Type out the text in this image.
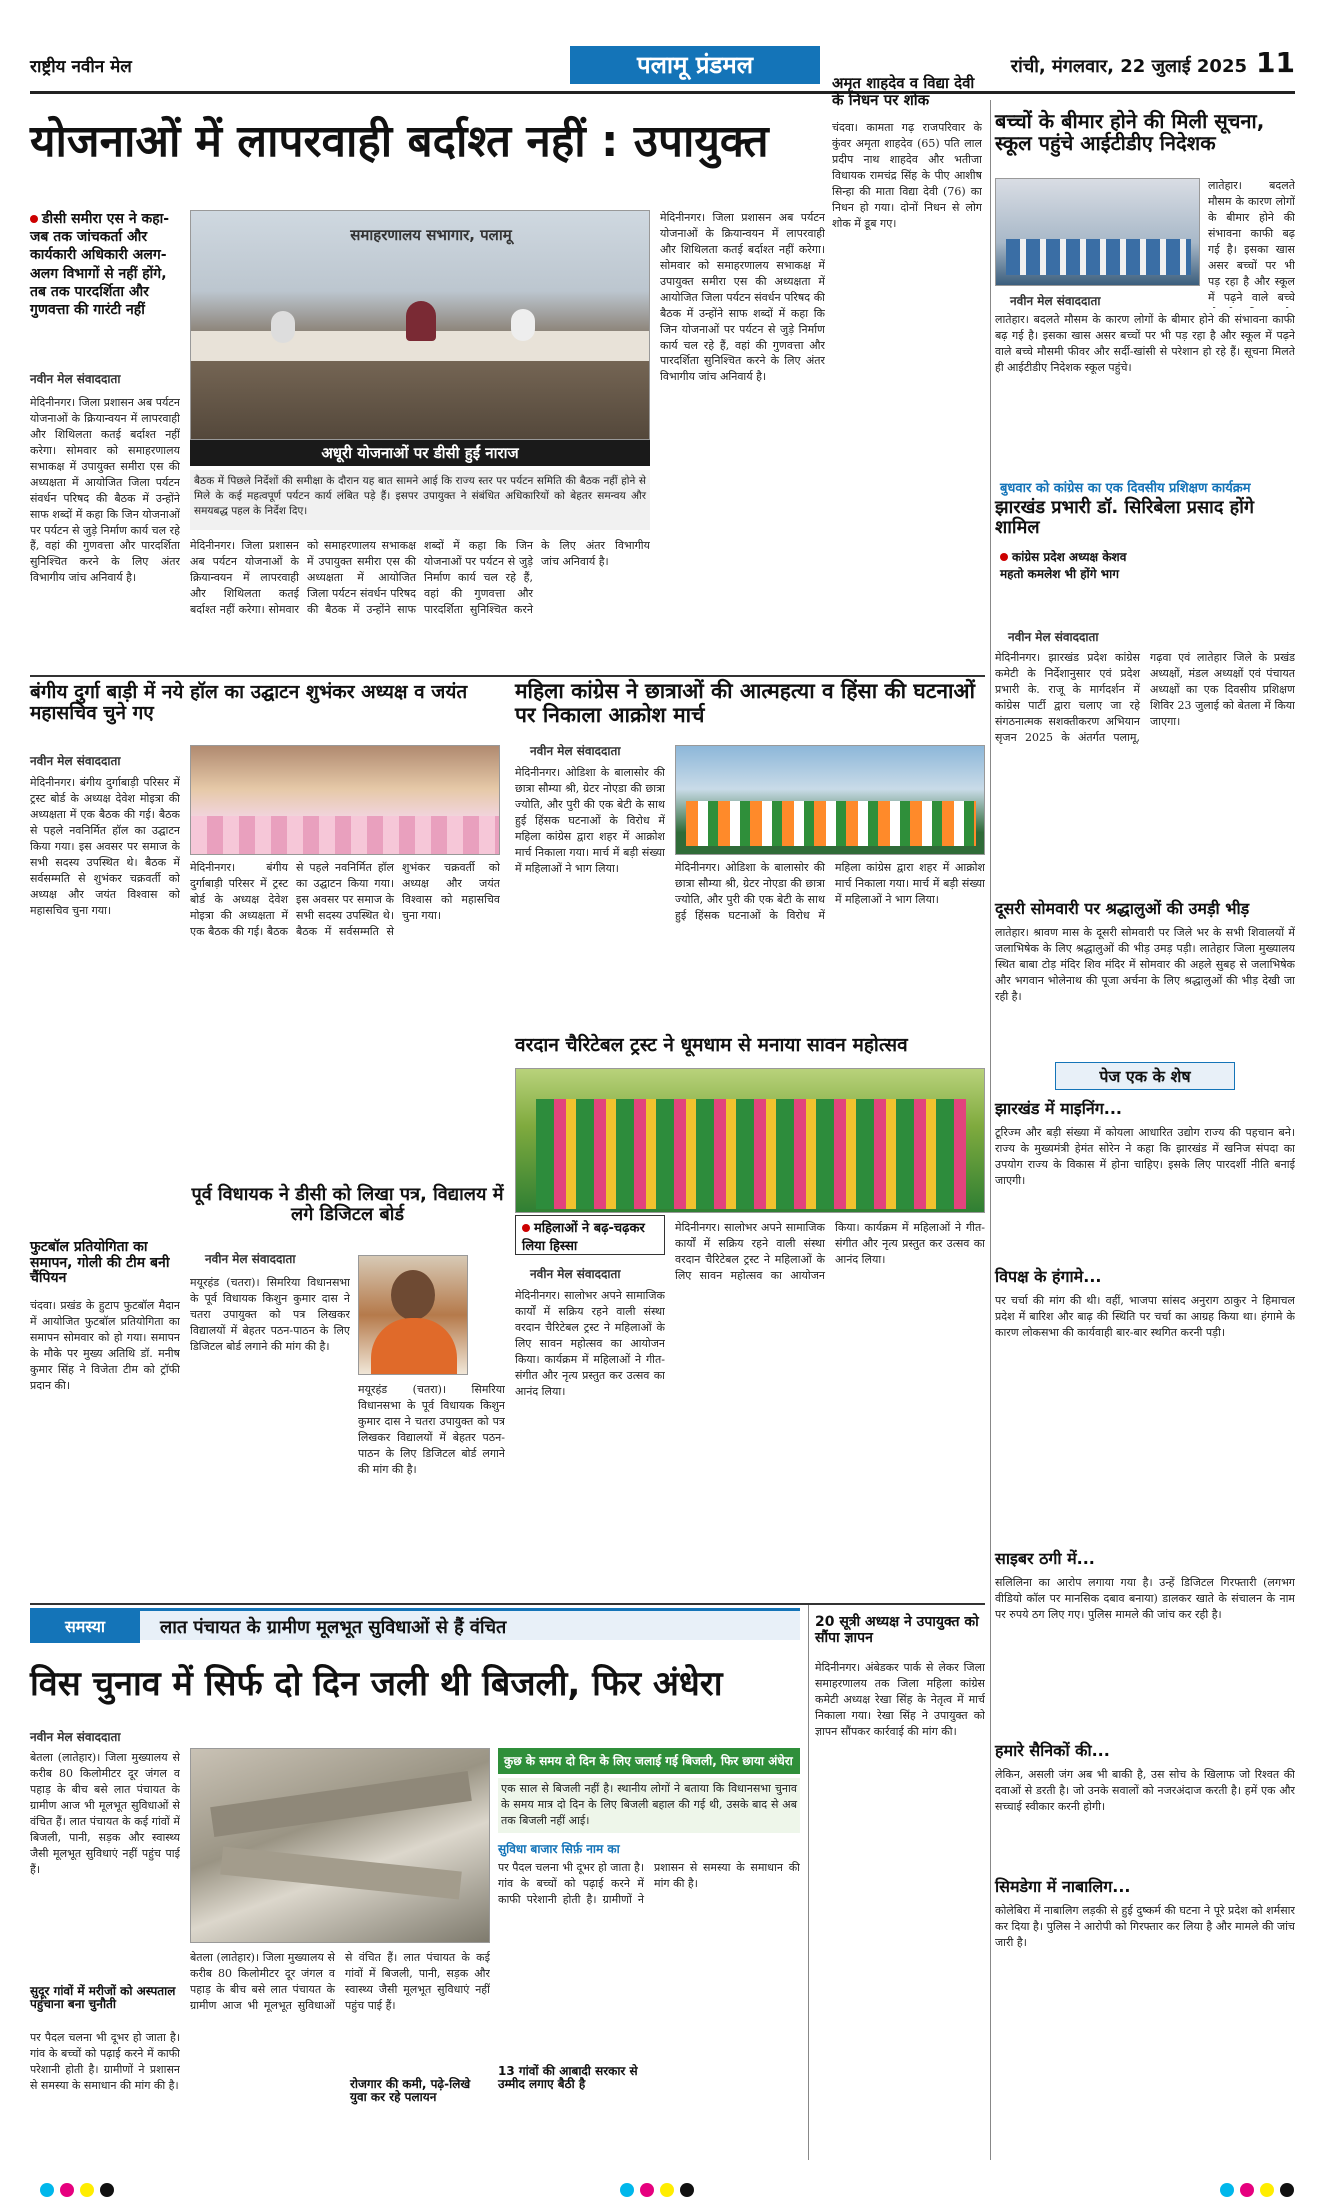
राष्ट्रीय नवीन मेल	पलामू प्रंडमल	रांची, मंगलवार, 22 जुलाई 2025 11
योजनाओं में लापरवाही बर्दाश्त नहीं : उपायुक्त
डीसी समीरा एस ने कहा- जब तक जांचकर्ता और कार्यकारी अधिकारी अलग-अलग विभागों से नहीं होंगे, तब तक पारदर्शिता और गुणवत्ता की गारंटी नहीं
नवीन मेल संवाददाता
मेदिनीनगर। जिला प्रशासन अब पर्यटन योजनाओं के क्रियान्वयन में लापरवाही और शिथिलता कतई बर्दाश्त नहीं करेगा। सोमवार को समाहरणालय सभाकक्ष में उपायुक्त समीरा एस की अध्यक्षता में आयोजित जिला पर्यटन संवर्धन परिषद की बैठक में उन्होंने साफ शब्दों में कहा कि जिन योजनाओं पर पर्यटन से जुड़े निर्माण कार्य चल रहे हैं, वहां की गुणवत्ता और पारदर्शिता सुनिश्चित करने के लिए अंतर विभागीय जांच अनिवार्य है।
समाहरणालय सभागार, पलामू
अधूरी योजनाओं पर डीसी हुईं नाराज
बैठक में पिछले निर्देशों की समीक्षा के दौरान यह बात सामने आई कि राज्य स्तर पर पर्यटन समिति की बैठक नहीं होने से मिले के कई महत्वपूर्ण पर्यटन कार्य लंबित पड़े हैं। इसपर उपायुक्त ने संबंधित अधिकारियों को बेहतर समन्वय और समयबद्ध पहल के निर्देश दिए।
मेदिनीनगर। जिला प्रशासन अब पर्यटन योजनाओं के क्रियान्वयन में लापरवाही और शिथिलता कतई बर्दाश्त नहीं करेगा। सोमवार को समाहरणालय सभाकक्ष में उपायुक्त समीरा एस की अध्यक्षता में आयोजित जिला पर्यटन संवर्धन परिषद की बैठक में उन्होंने साफ शब्दों में कहा कि जिन योजनाओं पर पर्यटन से जुड़े निर्माण कार्य चल रहे हैं, वहां की गुणवत्ता और पारदर्शिता सुनिश्चित करने के लिए अंतर विभागीय जांच अनिवार्य है।
अमृत शाहदेव व विद्या देवी के निधन पर शोक
चंदवा। कामता गढ़ राजपरिवार के कुंवर अमृता शाहदेव (65) पति लाल प्रदीप नाथ शाहदेव और भतीजा विधायक रामचंद्र सिंह के पीए आशीष सिन्हा की माता विद्या देवी (76) का निधन हो गया। दोनों निधन से लोग शोक में डूब गए।
मेदिनीनगर। जिला प्रशासन अब पर्यटन योजनाओं के क्रियान्वयन में लापरवाही और शिथिलता कतई बर्दाश्त नहीं करेगा। सोमवार को समाहरणालय सभाकक्ष में उपायुक्त समीरा एस की अध्यक्षता में आयोजित जिला पर्यटन संवर्धन परिषद की बैठक में उन्होंने साफ शब्दों में कहा कि जिन योजनाओं पर पर्यटन से जुड़े निर्माण कार्य चल रहे हैं, वहां की गुणवत्ता और पारदर्शिता सुनिश्चित करने के लिए अंतर विभागीय जांच अनिवार्य है।
बच्चों के बीमार होने की मिली सूचना, स्कूल पहुंचे आईटीडीए निदेशक
नवीन मेल संवाददाता
लातेहार। बदलते मौसम के कारण लोगों के बीमार होने की संभावना काफी बढ़ गई है। इसका खास असर बच्चों पर भी पड़ रहा है और स्कूल में पढ़ने वाले बच्चे मौसमी फीवर और सर्दी-खांसी से परेशान हो रहे हैं। सूचना मिलते ही आईटीडीए निदेशक स्कूल पहुंचे।
लातेहार। बदलते मौसम के कारण लोगों के बीमार होने की संभावना काफी बढ़ गई है। इसका खास असर बच्चों पर भी पड़ रहा है और स्कूल में पढ़ने वाले बच्चे
बुधवार को कांग्रेस का एक दिवसीय प्रशिक्षण कार्यक्रम
झारखंड प्रभारी डॉ. सिरिबेला प्रसाद होंगे शामिल
कांग्रेस प्रदेश अध्यक्ष केशव महतो कमलेश भी होंगे भाग
नवीन मेल संवाददाता
मेदिनीनगर। झारखंड प्रदेश कांग्रेस कमेटी के निर्देशानुसार एवं प्रदेश प्रभारी के. राजू के मार्गदर्शन में कांग्रेस पार्टी द्वारा चलाए जा रहे संगठनात्मक सशक्तीकरण अभियान सृजन 2025 के अंतर्गत पलामू, गढ़वा एवं लातेहार जिले के प्रखंड अध्यक्षों, मंडल अध्यक्षों एवं पंचायत अध्यक्षों का एक दिवसीय प्रशिक्षण शिविर 23 जुलाई को बेतला में किया जाएगा।
दूसरी सोमवारी पर श्रद्धालुओं की उमड़ी भीड़
लातेहार। श्रावण मास के दूसरी सोमवारी पर जिले भर के सभी शिवालयों में जलाभिषेक के लिए श्रद्धालुओं की भीड़ उमड़ पड़ी। लातेहार जिला मुख्यालय स्थित बाबा टोड़ मंदिर शिव मंदिर में सोमवार की अहले सुबह से जलाभिषेक और भगवान भोलेनाथ की पूजा अर्चना के लिए श्रद्धालुओं की भीड़ देखी जा रही है।
पेज एक के शेष
झारखंड में माइनिंग...
टूरिज्म और बड़ी संख्या में कोयला आधारित उद्योग राज्य की पहचान बने। राज्य के मुख्यमंत्री हेमंत सोरेन ने कहा कि झारखंड में खनिज संपदा का उपयोग राज्य के विकास में होना चाहिए। इसके लिए पारदर्शी नीति बनाई जाएगी।
विपक्ष के हंगामे...
पर चर्चा की मांग की थी। वहीं, भाजपा सांसद अनुराग ठाकुर ने हिमाचल प्रदेश में बारिश और बाढ़ की स्थिति पर चर्चा का आग्रह किया था। हंगामे के कारण लोकसभा की कार्यवाही बार-बार स्थगित करनी पड़ी।
साइबर ठगी में...
सलिलिना का आरोप लगाया गया है। उन्हें डिजिटल गिरफ्तारी (लगभग वीडियो कॉल पर मानसिक दबाव बनाया) डालकर खाते के संचालन के नाम पर रुपये ठग लिए गए। पुलिस मामले की जांच कर रही है।
हमारे सैनिकों की...
लेकिन, असली जंग अब भी बाकी है, उस सोच के खिलाफ जो रिश्वत की दवाओं से डरती है। जो उनके सवालों को नजरअंदाज करती है। हमें एक और सच्चाई स्वीकार करनी होगी।
सिमडेगा में नाबालिग...
कोलेबिरा में नाबालिग लड़की से हुई दुष्कर्म की घटना ने पूरे प्रदेश को शर्मसार कर दिया है। पुलिस ने आरोपी को गिरफ्तार कर लिया है और मामले की जांच जारी है।
बंगीय दुर्गा बाड़ी में नये हॉल का उद्घाटन शुभंकर अध्यक्ष व जयंत महासचिव चुने गए
नवीन मेल संवाददाता
मेदिनीनगर। बंगीय दुर्गाबाड़ी परिसर में ट्रस्ट बोर्ड के अध्यक्ष देवेश मोइत्रा की अध्यक्षता में एक बैठक की गई। बैठक से पहले नवनिर्मित हॉल का उद्घाटन किया गया। इस अवसर पर समाज के सभी सदस्य उपस्थित थे। बैठक में सर्वसम्मति से शुभंकर चक्रवर्ती को अध्यक्ष और जयंत विश्वास को महासचिव चुना गया।
मेदिनीनगर। बंगीय दुर्गाबाड़ी परिसर में ट्रस्ट बोर्ड के अध्यक्ष देवेश मोइत्रा की अध्यक्षता में एक बैठक की गई। बैठक से पहले नवनिर्मित हॉल का उद्घाटन किया गया। इस अवसर पर समाज के सभी सदस्य उपस्थित थे। बैठक में सर्वसम्मति से शुभंकर चक्रवर्ती को अध्यक्ष और जयंत विश्वास को महासचिव चुना गया।
महिला कांग्रेस ने छात्राओं की आत्महत्या व हिंसा की घटनाओं पर निकाला आक्रोश मार्च
नवीन मेल संवाददाता
मेदिनीनगर। ओडिशा के बालासोर की छात्रा सौम्या श्री, ग्रेटर नोएडा की छात्रा ज्योति, और पुरी की एक बेटी के साथ हुई हिंसक घटनाओं के विरोध में महिला कांग्रेस द्वारा शहर में आक्रोश मार्च निकाला गया। मार्च में बड़ी संख्या में महिलाओं ने भाग लिया।	मेदिनीनगर। ओडिशा के बालासोर की छात्रा सौम्या श्री, ग्रेटर नोएडा की छात्रा ज्योति, और पुरी की एक बेटी के साथ हुई हिंसक घटनाओं के विरोध में महिला कांग्रेस द्वारा शहर में आक्रोश मार्च निकाला गया। मार्च में बड़ी संख्या में महिलाओं ने भाग लिया।
फुटबॉल प्रतियोगिता का समापन, गोली की टीम बनी चैंपियन
चंदवा। प्रखंड के हुटाप फुटबॉल मैदान में आयोजित फुटबॉल प्रतियोगिता का समापन सोमवार को हो गया। समापन के मौके पर मुख्य अतिथि डॉ. मनीष कुमार सिंह ने विजेता टीम को ट्रॉफी प्रदान की।
पूर्व विधायक ने डीसी को लिखा पत्र, विद्यालय में लगे डिजिटल बोर्ड
नवीन मेल संवाददाता
मयूरहंड (चतरा)। सिमरिया विधानसभा के पूर्व विधायक किशुन कुमार दास ने चतरा उपायुक्त को पत्र लिखकर विद्यालयों में बेहतर पठन-पाठन के लिए डिजिटल बोर्ड लगाने की मांग की है।
मयूरहंड (चतरा)। सिमरिया विधानसभा के पूर्व विधायक किशुन कुमार दास ने चतरा उपायुक्त को पत्र लिखकर विद्यालयों में बेहतर पठन-पाठन के लिए डिजिटल बोर्ड लगाने की मांग की है।
वरदान चैरिटेबल ट्रस्ट ने धूमधाम से मनाया सावन महोत्सव
महिलाओं ने बढ़-चढ़कर लिया हिस्सा
नवीन मेल संवाददाता
मेदिनीनगर। सालोभर अपने सामाजिक कार्यों में सक्रिय रहने वाली संस्था वरदान चैरिटेबल ट्रस्ट ने महिलाओं के लिए सावन महोत्सव का आयोजन किया। कार्यक्रम में महिलाओं ने गीत-संगीत और नृत्य प्रस्तुत कर उत्सव का आनंद लिया।
मेदिनीनगर। सालोभर अपने सामाजिक कार्यों में सक्रिय रहने वाली संस्था वरदान चैरिटेबल ट्रस्ट ने महिलाओं के लिए सावन महोत्सव का आयोजन किया। कार्यक्रम में महिलाओं ने गीत-संगीत और नृत्य प्रस्तुत कर उत्सव का आनंद लिया।
समस्या	लात पंचायत के ग्रामीण मूलभूत सुविधाओं से हैं वंचित
विस चुनाव में सिर्फ दो दिन जली थी बिजली, फिर अंधेरा
नवीन मेल संवाददाता
बेतला (लातेहार)। जिला मुख्यालय से करीब 80 किलोमीटर दूर जंगल व पहाड़ के बीच बसे लात पंचायत के ग्रामीण आज भी मूलभूत सुविधाओं से वंचित हैं। लात पंचायत के कई गांवों में बिजली, पानी, सड़क और स्वास्थ्य जैसी मूलभूत सुविधाएं नहीं पहुंच पाई हैं।
सुदूर गांवों में मरीजों को अस्पताल पहुंचाना बना चुनौती
पर पैदल चलना भी दूभर हो जाता है। गांव के बच्चों को पढ़ाई करने में काफी परेशानी होती है। ग्रामीणों ने प्रशासन से समस्या के समाधान की मांग की है।
बेतला (लातेहार)। जिला मुख्यालय से करीब 80 किलोमीटर दूर जंगल व पहाड़ के बीच बसे लात पंचायत के ग्रामीण आज भी मूलभूत सुविधाओं से वंचित हैं। लात पंचायत के कई गांवों में बिजली, पानी, सड़क और स्वास्थ्य जैसी मूलभूत सुविधाएं नहीं पहुंच पाई हैं।
रोजगार की कमी, पढ़े-लिखे युवा कर रहे पलायन
कुछ के समय दो दिन के लिए जलाई गई बिजली, फिर छाया अंधेरा
एक साल से बिजली नहीं है। स्थानीय लोगों ने बताया कि विधानसभा चुनाव के समय मात्र दो दिन के लिए बिजली बहाल की गई थी, उसके बाद से अब तक बिजली नहीं आई।
सुविधा बाजार सिर्फ़ नाम का
पर पैदल चलना भी दूभर हो जाता है। गांव के बच्चों को पढ़ाई करने में काफी परेशानी होती है। ग्रामीणों ने प्रशासन से समस्या के समाधान की मांग की है।
13 गांवों की आबादी सरकार से उम्मीद लगाए बैठी है
20 सूत्री अध्यक्ष ने उपायुक्त को सौंपा ज्ञापन
मेदिनीनगर। अंबेडकर पार्क से लेकर जिला समाहरणालय तक जिला महिला कांग्रेस कमेटी अध्यक्ष रेखा सिंह के नेतृत्व में मार्च निकाला गया। रेखा सिंह ने उपायुक्त को ज्ञापन सौंपकर कार्रवाई की मांग की।
